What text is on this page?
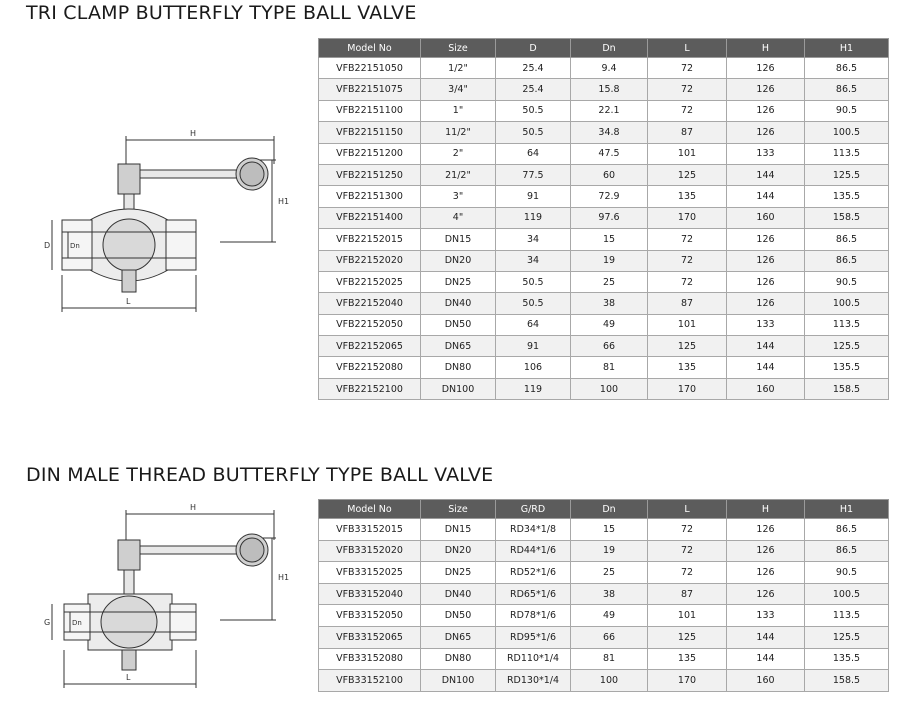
TRI CLAMP BUTTERFLY TYPE BALL VALVE
H
H1
D	Dn
L
Model No	Size	D	Dn	L	H	H1
VFB22151050	1/2"	25.4	9.4	72	126	86.5
VFB22151075	3/4"	25.4	15.8	72	126	86.5
VFB22151100	1"	50.5	22.1	72	126	90.5
VFB22151150	11/2"	50.5	34.8	87	126	100.5
VFB22151200	2"	64	47.5	101	133	113.5
VFB22151250	21/2"	77.5	60	125	144	125.5
VFB22151300	3"	91	72.9	135	144	135.5
VFB22151400	4"	119	97.6	170	160	158.5
VFB22152015	DN15	34	15	72	126	86.5
VFB22152020	DN20	34	19	72	126	86.5
VFB22152025	DN25	50.5	25	72	126	90.5
VFB22152040	DN40	50.5	38	87	126	100.5
VFB22152050	DN50	64	49	101	133	113.5
VFB22152065	DN65	91	66	125	144	125.5
VFB22152080	DN80	106	81	135	144	135.5
VFB22152100	DN100	119	100	170	160	158.5
DIN MALE THREAD BUTTERFLY TYPE BALL VALVE
H
H1
G	Dn
L
Model No	Size	G/RD	Dn	L	H	H1
VFB33152015	DN15	RD34*1/8	15	72	126	86.5
VFB33152020	DN20	RD44*1/6	19	72	126	86.5
VFB33152025	DN25	RD52*1/6	25	72	126	90.5
VFB33152040	DN40	RD65*1/6	38	87	126	100.5
VFB33152050	DN50	RD78*1/6	49	101	133	113.5
VFB33152065	DN65	RD95*1/6	66	125	144	125.5
VFB33152080	DN80	RD110*1/4	81	135	144	135.5
VFB33152100	DN100	RD130*1/4	100	170	160	158.5
